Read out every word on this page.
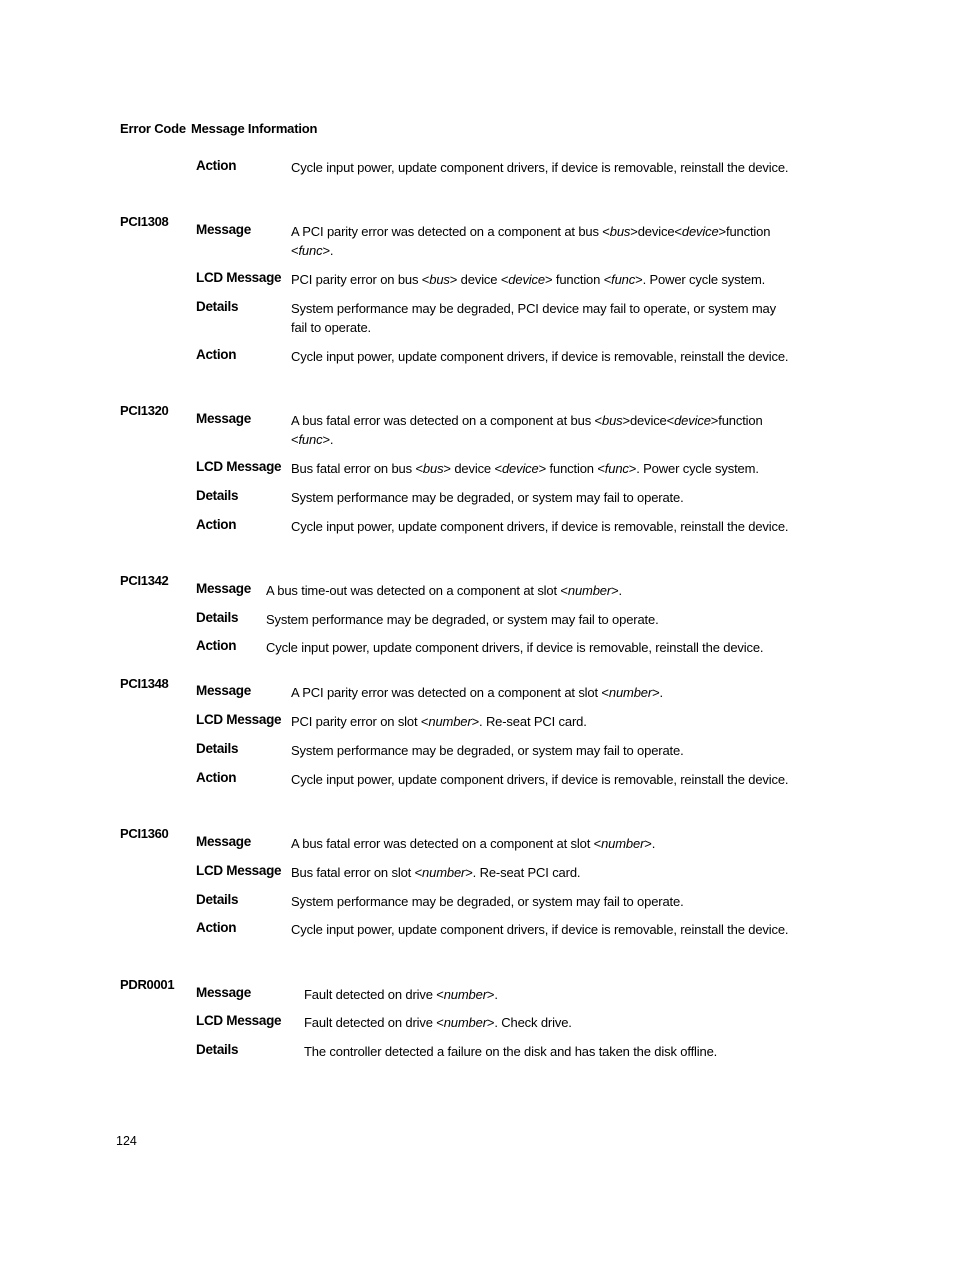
Error Code Message Information
Action	Cycle input power, update component drivers, if device is removable, reinstall the device.
PCI1308
Message	A PCI parity error was detected on a component at bus <bus>device<device>function <func>.
LCD Message PCI parity error on bus <bus> device <device> function <func>. Power cycle system.
Details	System performance may be degraded, PCI device may fail to operate, or system may fail to operate.
Action	Cycle input power, update component drivers, if device is removable, reinstall the device.
PCI1320
Message	A bus fatal error was detected on a component at bus <bus>device<device>function <func>.
LCD Message Bus fatal error on bus <bus> device <device> function <func>. Power cycle system.
Details	System performance may be degraded, or system may fail to operate.
Action	Cycle input power, update component drivers, if device is removable, reinstall the device.
PCI1342
Message A bus time-out was detected on a component at slot <number>.
Details System performance may be degraded, or system may fail to operate.
Action Cycle input power, update component drivers, if device is removable, reinstall the device.
PCI1348 Message	A PCI parity error was detected on a component at slot <number>.
LCD Message PCI parity error on slot <number>. Re-seat PCI card.
Details	System performance may be degraded, or system may fail to operate.
Action	Cycle input power, update component drivers, if device is removable, reinstall the device.
PCI1360
Message	A bus fatal error was detected on a component at slot <number>.
LCD Message Bus fatal error on slot <number>. Re-seat PCI card.
Details	System performance may be degraded, or system may fail to operate.
Action	Cycle input power, update component drivers, if device is removable, reinstall the device.
PDR0001
Message	Fault detected on drive <number>.
LCD Message Fault detected on drive <number>. Check drive.
Details	The controller detected a failure on the disk and has taken the disk offline.
124
